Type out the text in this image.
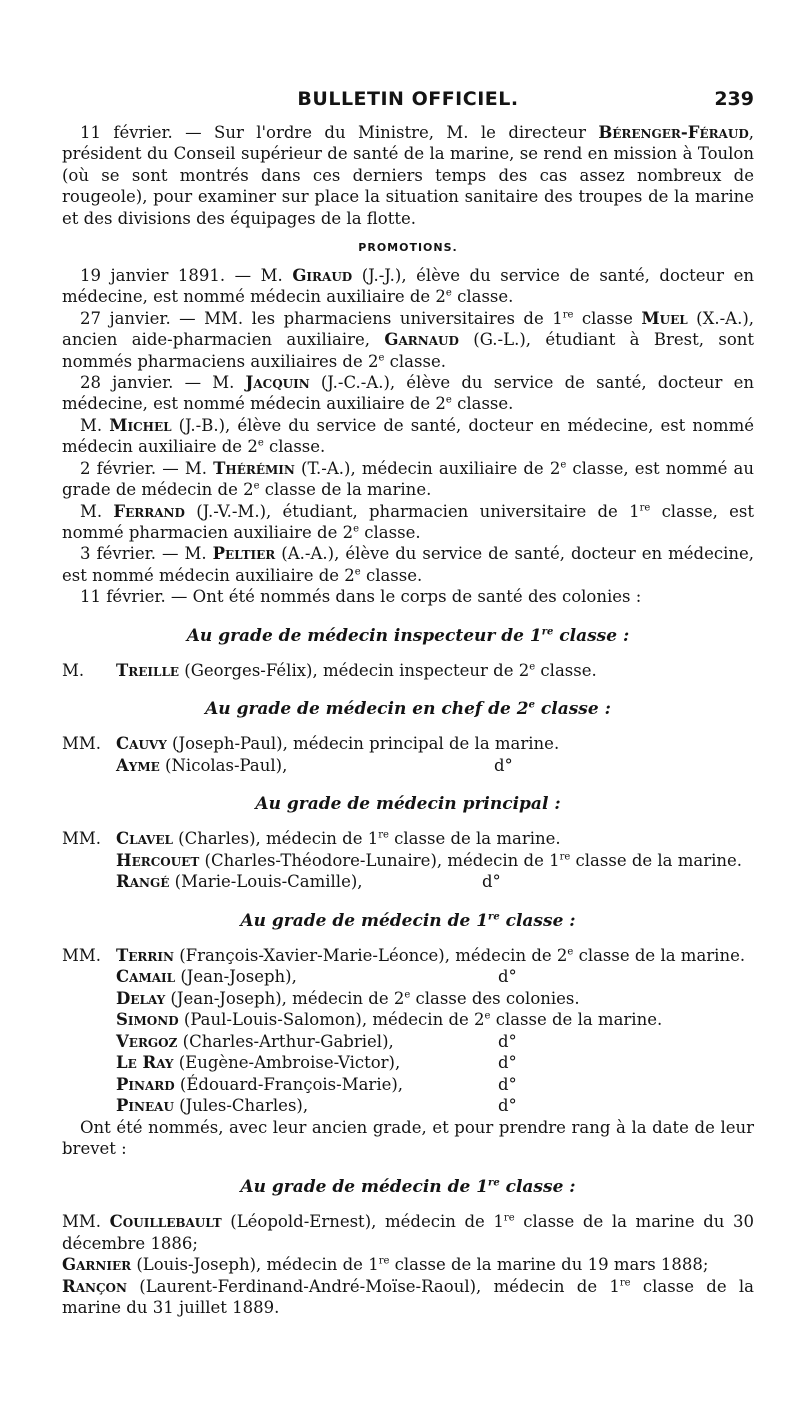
BULLETIN OFFICIEL.	239

11 février. — Sur l'ordre du Ministre, M. le directeur Bérenger-Féraud, président du Conseil supérieur de santé de la marine, se rend en mission à Toulon (où se sont montrés dans ces derniers temps des cas assez nombreux de rougeole), pour examiner sur place la situation sanitaire des troupes de la marine et des divisions des équipages de la flotte.

PROMOTIONS.

19 janvier 1891. — M. Giraud (J.-J.), élève du service de santé, docteur en médecine, est nommé médecin auxiliaire de 2e classe.

27 janvier. — MM. les pharmaciens universitaires de 1re classe Muel (X.-A.), ancien aide-pharmacien auxiliaire, Garnaud (G.-L.), étudiant à Brest, sont nommés pharmaciens auxiliaires de 2e classe.

28 janvier. — M. Jacquin (J.-C.-A.), élève du service de santé, docteur en médecine, est nommé médecin auxiliaire de 2e classe.

M. Michel (J.-B.), élève du service de santé, docteur en médecine, est nommé médecin auxiliaire de 2e classe.

2 février. — M. Thérémin (T.-A.), médecin auxiliaire de 2e classe, est nommé au grade de médecin de 2e classe de la marine.

M. Ferrand (J.-V.-M.), étudiant, pharmacien universitaire de 1re classe, est nommé pharmacien auxiliaire de 2e classe.

3 février. — M. Peltier (A.-A.), élève du service de santé, docteur en médecine, est nommé médecin auxiliaire de 2e classe.

11 février. — Ont été nommés dans le corps de santé des colonies :

Au grade de médecin inspecteur de 1re classe :
M.Treille (Georges-Félix), médecin inspecteur de 2e classe.
Au grade de médecin en chef de 2e classe :
MM. Cauvy (Joseph-Paul), médecin principal de la marine.
Ayme (Nicolas-Paul),	d°
Au grade de médecin principal :
MM. Clavel (Charles), médecin de 1re classe de la marine.
Hercouet (Charles-Théodore-Lunaire), médecin de 1re classe de la marine.
Rangé (Marie-Louis-Camille),	d°
Au grade de médecin de 1re classe :
MM. Terrin (François-Xavier-Marie-Léonce), médecin de 2e classe de la marine.
Camail (Jean-Joseph),	d°
Delay (Jean-Joseph), médecin de 2e classe des colonies.
Simond (Paul-Louis-Salomon), médecin de 2e classe de la marine.
Vergoz (Charles-Arthur-Gabriel),	d°
Le Ray (Eugène-Ambroise-Victor),	d°
Pinard (Édouard-François-Marie),	d°
Pineau (Jules-Charles),	d°

Ont été nommés, avec leur ancien grade, et pour prendre rang à la date de leur brevet :

Au grade de médecin de 1re classe :

MM. Couillebault (Léopold-Ernest), médecin de 1re classe de la marine du 30 décembre 1886;

Garnier (Louis-Joseph), médecin de 1re classe de la marine du 19 mars 1888;

Rançon (Laurent-Ferdinand-André-Moïse-Raoul), médecin de 1re classe de la marine du 31 juillet 1889.
